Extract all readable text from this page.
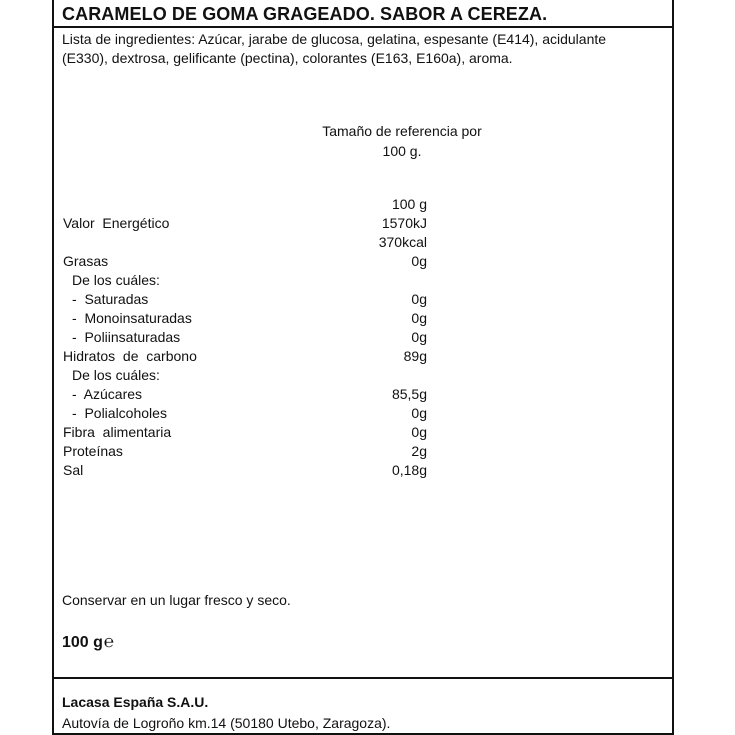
CARAMELO DE GOMA GRAGEADO. SABOR A CEREZA.
Lista de ingredientes: Azúcar, jarabe de glucosa, gelatina, espesante (E414), acidulante (E330), dextrosa, gelificante (pectina), colorantes (E163, E160a), aroma.
Tamaño de referencia por
100 g.
100 g
Valor  Energético	1570kJ
370kcal
Grasas	0g
De los cuáles:
-  Saturadas	0g
-  Monoinsaturadas	0g
-  Poliinsaturadas	0g
Hidratos  de  carbono	89g
De los cuáles:
-  Azúcares	85,5g
-  Polialcoholes	0g
Fibra  alimentaria	0g
Proteínas	2g
Sal	0,18g
Conservar en un lugar fresco y seco.
100 g℮
Lacasa España S.A.U.
Autovía de Logroño km.14 (50180 Utebo, Zaragoza).
